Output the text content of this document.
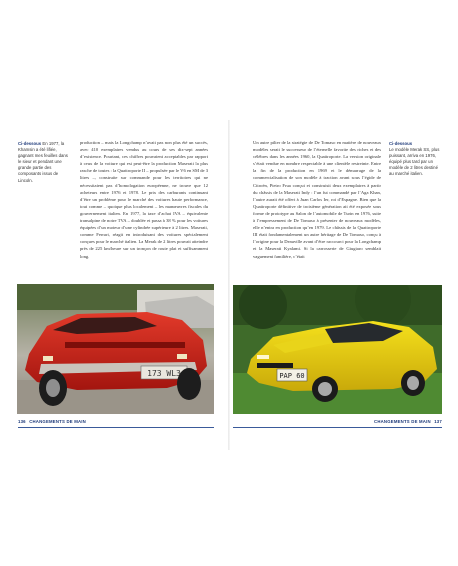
Ci-dessous En 1977, la Khamsin a été lifiée, gagnant mes feuilles dans le sieur et pendant une grande partie des composants issus de Lincoln.

production – mais la Longchamp n’avait pas non plus été un succès, avec 410 exemplaires vendus au cours de ses dix-sept années d’existence. Pourtant, ces chiffres pouvaient acceptables par rapport à ceux de la voiture qui est peut-être la production Maserati la plus rasche de toutes : la Quattroporte II – propulsée par le V6 en SM de 3 litres –, construite sur commande pour les territoires qui ne nécessitaient pas d’homologation européenne, ne trouve que 12 acheteurs entre 1976 et 1978. Le prix des carburants continuant d’être un problème pour le marché des voitures haute performance, tout comme – quoique plus localement – les manœuvres fiscales du gouvernement italien. En 1977, la taxe d’achat IVA – équivalente transalpine de notre TVA – doublée et passa à 38 % pour les voitures équipées d’un moteur d’une cylindrée supérieure à 2 litres. Maserati, comme Ferrari, réagit en introduisant des voitures spécialement conçues pour le marché italien. La Merak de 2 litres pouvait atteindre près de 225 km/heure sur un tronçon de route plat et suffisamment long.

173 WL3
136 CHANGEMENTS DE MAIN

Un autre pilier de la stratégie de De Tomaso en matière de nouveaux modèles serait le successeur de l’éternelle favorite des riches et des célèbres dans les années 1960, la Quattroporte. La version originale s’était vendue en nombre respectable à une clientèle restreinte. Entre la fin de la production en 1969 et le démarrage de la commercialisation de son modèle à traction avant sous l’égide de Citroën, Pietro Frua conçut et construisit deux exemplaires à partir du châssis de la Maserati Indy : l’un fut commandé par l’Aga Khan, l’autre aurait été offert à Juan Carlos Ier, roi d’Espagne. Bien que la Quattroporte définitive de troisième génération ait été exposée sous forme de prototype au Salon de l’automobile de Turin en 1976, suite à l’empressement de De Tomaso à présenter de nouveaux modèles, elle n’entra en production qu’en 1979. Le châssis de la Quattroporte III était fondamentalement un autre héritage de De Tomaso, conçu à l’origine pour la Deauville avant d’être raccourci pour la Longchamp et la Maserati Kyalami. Si la carrosserie de Giugiaro semblait vaguement familière, c’était

Ci-dessous
Le modèle Merak SS, plus puissant, arriva en 1976, équipé plus tard par un modèle de 2 litres destiné au marché italien.
PAP 60
CHANGEMENTS DE MAIN 137
